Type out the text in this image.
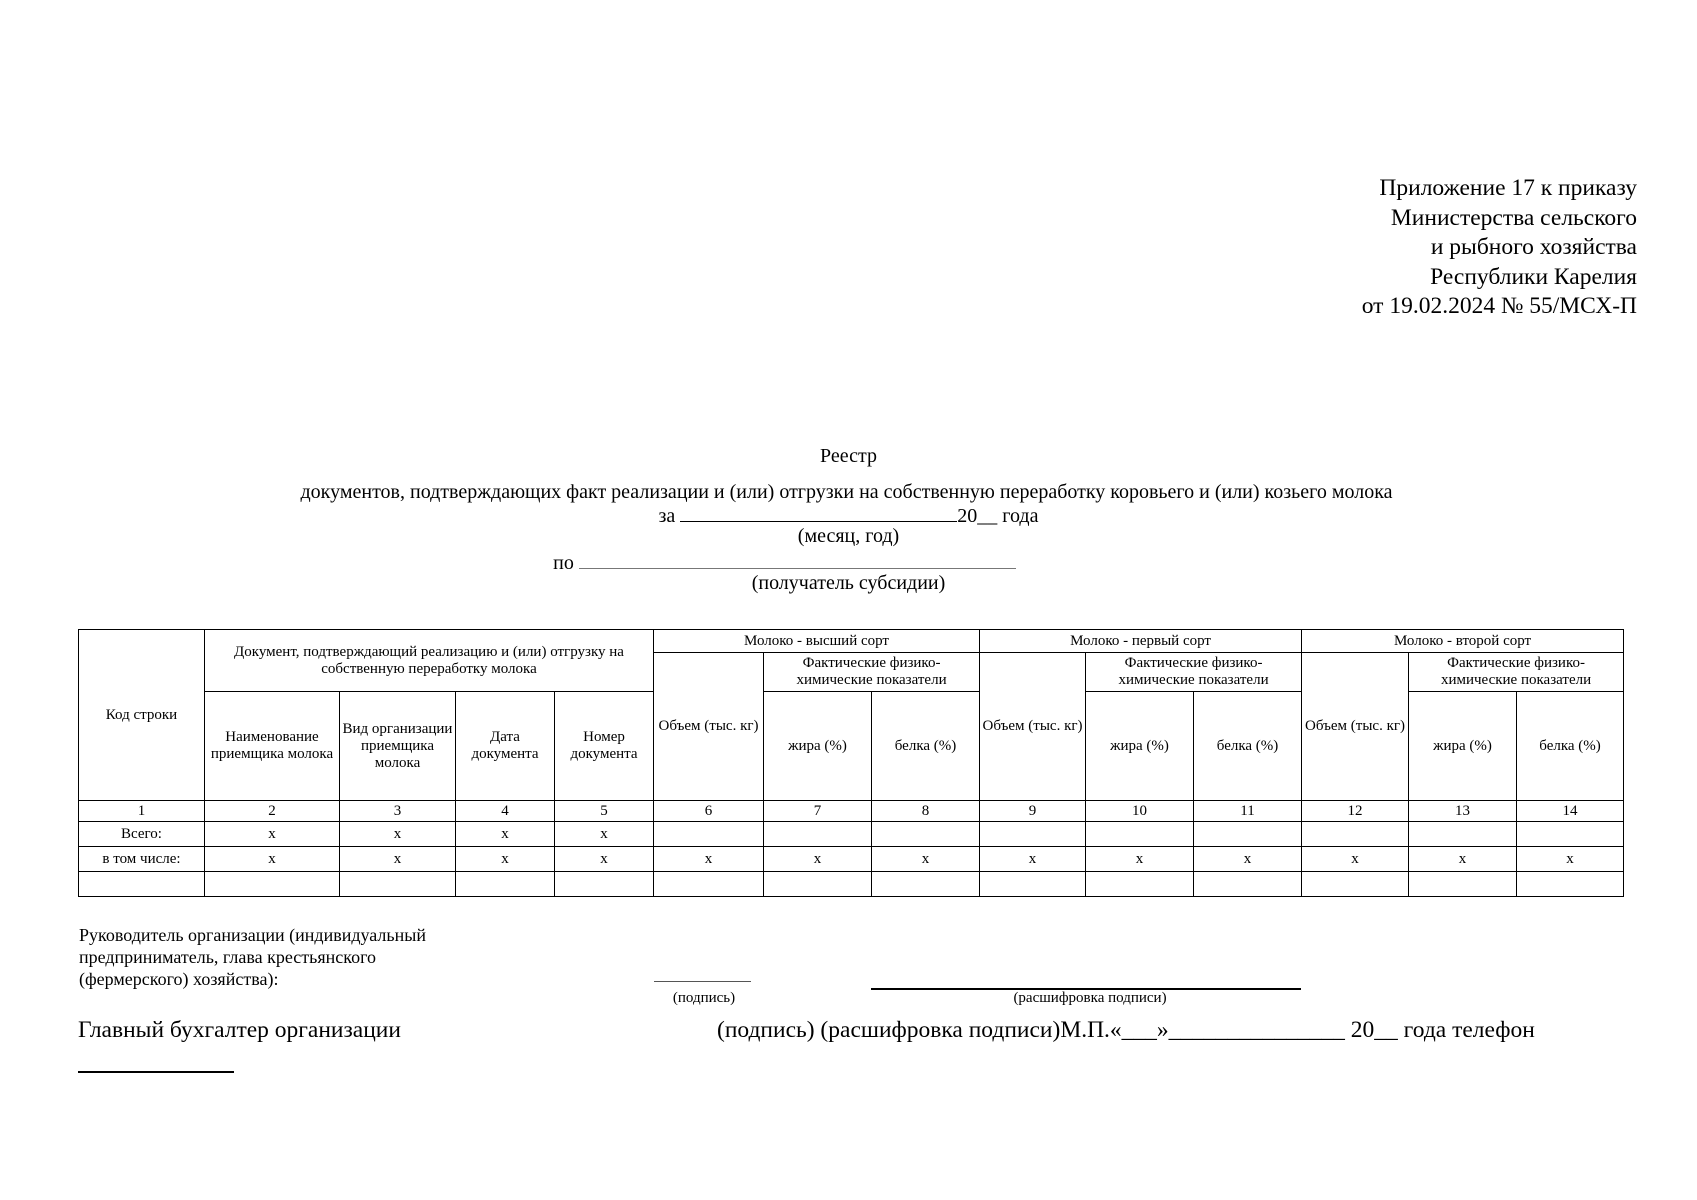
Приложение 17 к приказу
Министерства сельского
и рыбного хозяйства
Республики Карелия
от 19.02.2024 № 55/МСХ-П
Реестр
документов, подтверждающих факт реализации и (или) отгрузки на собственную переработку коровьего и (или) козьего молока
за	20__ года
(месяц, год)
по
(получатель субсидии)
Код строки	Документ, подтверждающий реализацию и (или) отгрузку на собственную переработку молока				Молоко - высший сорт			Молоко - первый сорт			Молоко - второй сорт		
					Объем (тыс. кг)	Фактические физико-химические показатели		Объем (тыс. кг)	Фактические физико-химические показатели		Объем (тыс. кг)	Фактические физико-химические показатели	
	Наименование приемщика молока	Вид организации приемщика молока	Дата документа	Номер документа		жира (%)	белка (%)		жира (%)	белка (%)		жира (%)	белка (%)
1	2	3	4	5	6	7	8	9	10	11	12	13	14
Всего:	x	x	x	x									
в том числе:	x	x	x	x	x	x	x	x	x	x	x	x	x

Руководитель организации (индивидуальный
предприниматель, глава крестьянского
(фермерского) хозяйства):
(подпись)	(расшифровка подписи)
Главный бухгалтер организации	(подпись) (расшифровка подписи)М.П.«___»_______________ 20__ года телефон
